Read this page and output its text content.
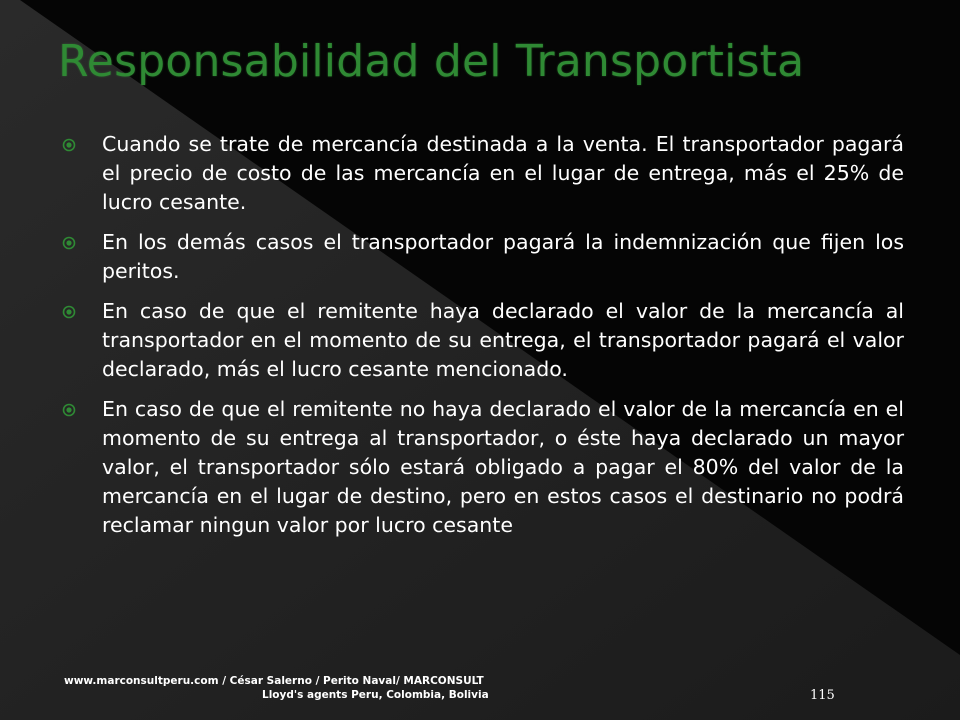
Responsabilidad del Transportista

Cuando se trate de mercancía destinada a la venta. El transportador pagará el precio de costo de las mercancía en el lugar de entrega, más el 25% de lucro cesante.

En los demás casos el transportador pagará la indemnización que fijen los peritos.

En caso de que el remitente haya declarado el valor de la mercancía al transportador en el momento de su entrega, el transportador pagará el valor declarado, más el lucro cesante mencionado.

En caso de que el remitente no haya declarado el valor de la mercancía en el momento de su entrega al transportador, o éste haya declarado un mayor valor, el transportador sólo estará obligado a pagar el 80% del valor de la mercancía en el lugar de destino, pero en estos casos el destinario no podrá reclamar ningun valor por lucro cesante

www.marconsultperu.com / César Salerno / Perito Naval/ MARCONSULT
Lloyd's agents Peru, Colombia, Bolivia	115
